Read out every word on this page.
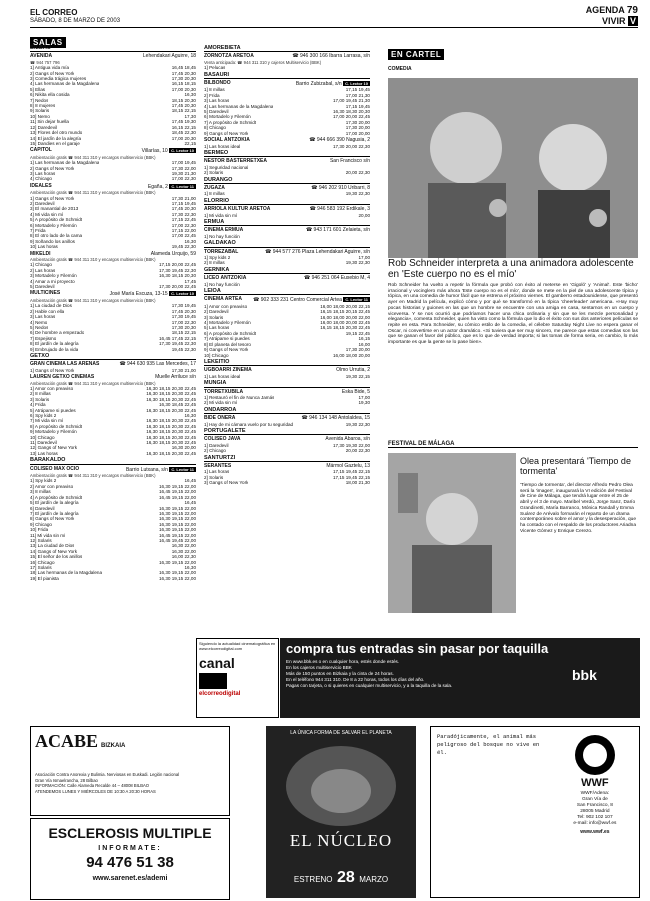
EL CORREO
SÁBADO, 8 DE MARZO DE 2003
AGENDA 79
VIVIR V
SALAS
BILBAO
AVENIDA	Lehendakari Aguirre, 18
☎ 944 757 796
1] Antigua vida mía	16,45 18,45
2] Gangs of New York	17,45 20,30
3] Comedia trágica mujeres	17,30 20,30
4] Las hermanas de la Magdalena	16,15 18,15
5] Ellas	17,00 20,30
6] Nikita ella cosida	16,30
7] Nedos	18,15 20,30
8] 8 mujeres	17,45 20,30
9] Solaris	18,15 22,15
10] Nemo	17,30
11] Sin dejar huella	17,45 19,30
12] Daredevil	16,15 22,15
13] Flores del otro mundo	18,45 22,30
14] El jardín de la alegría	17,00 20,30
15] Dandies en el garaje	22,15
CAPITOL	Villarías, 10 C. Lector 10
Ambientación gratis ☎ 944 311 310 y encargos multiservicio (BBK)
1] Las hermanas de la Magdalena	17,00 19,45
2] Gangs of New York	17,30 22,00
3] Las horas	19,30 21,30
4] Chicago	17,00 22,30
IDEALES	Egaña, 2 C. Lector 11
Ambientación gratis ☎ 944 311 310 y encargos multiservicio (BBK)
1] Gangs of New York	17,30 21,00
2] Daredevil	17,15 19,45
3] El manantial de 2013	17,45 20,30
4] Mi vida sin mí	17,30 22,30
5] A propósito de Schmidt	17,15 22,45
6] Mortadelo y Filemón	17,00 22,30
7] Frida	17,15 22,00
8] El otro lado de la cama	17,00 22,45
9] Soñando los anillos	16,30
10] Las horas	19,45 22,30
MIKELDI	Alameda Urquijo, 59
Ambientación gratis ☎ 944 311 310 y encargos multiservicio (BBK)
1] Chicago	17,15 20,00 22,45
2] Las horas	17,30 19,45 22,30
3] Mortadelo y Filemón	16,30 18,15 20,30
4] Amar a mi proyecto	17,45
5] Daredevil	17,30 20,00 22,45
MULTICINES	José María Escuza, 13-15 C. Lector 10
Ambientación gratis ☎ 944 311 310 y encargos multiservicio (BBK)
1] La ciudad de Dios	17,30 19,45
2] Hable con ella	17,45 20,30
3] Las horas	17,30 19,45
4] Nemo	17,00 22,30
5] Nedos	17,30 20,30
6] De hombre a empezado	18,15 22,15
7] Espejismo	16,45 17,45 22,15
8] El jardín de la alegría	17,30 19,45 22,30
9] Embrujado de la vida	19,45 22,30
GETXO
GRAN CINEMA LAS ARENAS	☎ 944 630 935 Las Mercedes, 17
1] Gangs of New York	17,30 21,00
LAUREN GETXO CINEMAS	Muelle Arriluce s/n
Ambientación gratis ☎ 944 311 310 y encargos multiservicio (BBK)
1] Amor con preaviso	16,30 18,15 20,30 22,45
2] 8 millas	16,30 18,15 20,30 22,45
3] Solaris	16,30 18,15 20,30 22,45
4] Frida	16,30 18,45 22,45
5] Atrápame si puedes	16,30 18,15 20,30 22,45
6] Spy kids 2	16,30
7] Mi vida sin mí	16,30 18,15 20,30 22,45
8] A propósito de Schmidt	16,30 18,15 20,30 22,45
9] Mortadelo y Filemón	16,30 18,15 20,30 22,45
10] Chicago	16,30 18,15 20,30 22,45
11] Daredevil	16,30 18,15 20,30 22,45
12] Gangs of New York	16,30 20,00
13] Las horas	16,30 18,15 20,30 22,45
BARAKALDO
COLISEO MAX OCIO	Barrio Lutxana, s/n C. Lector 11
Ambientación gratis ☎ 944 311 310 y encargos multiservicio (BBK)
1] Spy kids 2	16,45
2] Amor con preaviso	16,30 19,15 22,00
3] 8 millas	16,45 19,15 22,00
4] A propósito de Schmidt	16,45 19,15 22,00
5] El jardín de la alegría	16,45
6] Daredevil	16,30 19,15 22,00
7] El jardín de la alegría	16,30 19,15 22,00
8] Gangs of New York	16,30 19,15 22,00
9] Chicago	16,30 19,15 22,00
10] Frida	16,30 19,15 22,00
11] Mi vida sin mí	16,45 19,15 22,00
12] Solaris	16,45 19,45 22,00
13] La ciudad de Dios	16,30 22,00
14] Gangs of New York	16,30 22,00
15] El señor de los anillos	16,00 22,30
16] Chicago	16,30 19,15 22,00
17] Solaris	16,30
18] Las hermanas de la Magdalena	16,30 19,15 22,00
19] El pianista	16,30 19,15 22,00
AMOREBIETA
ZORNOTZA ARETOA	☎ 946 300 166 Ibarra Larrasa, s/n
Venta anticipada: ☎ 944 311 310 y cajeros Multiservicio (BBK)
1] Pelucas
BASAURI
BILBONDO	Barrio Zubizabal, s/n C. Lector 10
1] 8 millas	17,15 19,45
2] Frida	17,00 21,30
3] Las horas	17,00 19,45 21,30
4] Las hermanas de la Magdalena	17,15 19,45
5] Daredevil	16,30 18,30 20,30
6] Mortadelo y Filemón	17,00 20,00 22,45
7] A propósito de Schmidt	17,30 20,00
8] Chicago	17,30 20,00
9] Gangs of New York	17,00 20,00
SOCIAL ANTZOKIA	☎ 944 666 390 Nagusia, 2
1] Las horas ideal	17,30 20,00 22,30
BERMEO
NESTOR BASTERRETXEA	San Francisco s/n
1] Seguridad nacional
2] Solaris	20,00 22,30
DURANGO
ZUGAZA	☎ 946 202 910 Uribarri, 8
1] 8 millas	19,30 22,30
ELORRIO
ARRIOLA KULTUR ARETOA	☎ 946 583 192 Erdikale, 3
1] Mi vida sin mí	20,00
ERMUA
CINEMA ERMUA	☎ 943 171 601 Zelaieta, s/n
1] No hay función
GALDAKAO
TORREZABAL	☎ 944 577 276 Plaza Lehendakari Aguirre, s/n
1] Spy kids 2	17,00
2] 8 millas	19,30 22,30
GERNIKA
LICEO ANTZOKIA	☎ 946 251 064 Eusebio M, 4
1] No hay función
LEIOA
CINEMA ARTEA ☎ 902 333 231 Centro Comercial Artea C. Lector 11
1] Amor con preaviso	16,00 18,00 20,00 22,15
2] Daredevil	16,15 18,15 20,15 22,45
3] Solaris	16,00 18,00 20,00 22,00
4] Mortadelo y Filemón	16,00 18,00 20,00 22,45
5] Las horas	16,15 18,15 20,30 22,45
6] A propósito de Schmidt	19,15 22,45
7] Atrápame si puedes	16,15
8] El planeta del tesoro	16,00
9] Gangs of New York	17,30 20,00
10] Chicago	16,00 18,00 20,00
LEKEITIO
UGBOARRI ZINEMA	Olmo Urrutia, 2
1] Las horas ideal	19,30 22,15
MUNGIA
TORRETXUBILA	Eska Bide, 5
1] Restauró el fin de Nunca Jamás	17,00
2] Mi vida sin mí	19,30
ONDARROA
BIDE ONERA	☎ 946 134 148 Antolaldea, 15
1] Hay de mi cámara vuelo por tu seguridad	19,30 22,30
PORTUGALETE
COLISEO JAVA	Avenida Abaroa, s/n
1] Daredevil	17,30 19,30 22,00
2] Chicago	20,00 22,30
SANTURTZI
SERANTES	Mármol Gaztelu, 13
1] Las horas	17,15 19,45 22,15
2] Solaris	17,15 19,45 22,15
3] Gangs of New York	18,00 21,30
EN CARTEL
COMEDIA
Rob Schneider interpreta a una animadora adolescente en 'Este cuerpo no es el mío'
Rob Schneider ha vuelto a repetir la fórmula que probó con éxito al meterse en 'Gigoló' y 'Animal'. Este 'bicho' irracional y vocinglero más ahora 'Este cuerpo no es el mío', donde se mete en la piel de una adolescente típica y tópica, en una comedia de humor fácil que se estrena el próximo viernes. El gamberro estadounidense, que presentó ayer en Madrid la película, explicó cómo y por qué se transformó en la típica 'cheerleader' americana. «Hay muy pocas historias y guiones en las que un hombre se encuentre con una amiga en casa, sentarnos en un cuerpo y viceversa. Y se nos ocurrió que podríamos hacer una chica ordinaria y sin que se les mezcle personalidad y elegancia», comenta Schneider, quien ha visto como la fórmula que lo dio el éxito con sus dos anteriores películas se repite en esta. Para Schneider, su cómico estilo de la comedia, el célebre Saturday Night Live no espera ganar el Oscar, ni convertirse en un actor dramático. «Si tuviera que ser muy sincero, me parece que estas comedias son las que se ganan el favor del público, que es lo que de verdad importa; si las tomas de forma seria, en cambio, lo más importante es que la gente se lo pase bien».
FESTIVAL DE MÁLAGA
Olea presentará 'Tiempo de tormenta'
'Tiempo de tormenta', del director Alfredo Pedro Olea será la 'imagen', inaugurará la VI edición del Festival de Cine de Málaga, que tendrá lugar entre el 25 de abril y el 3 de mayo. Maribel Verdú, Jorge Sanz, Darío Grandinetti, María Barranco, Mónica Randall y Emma Suárez de Arévalo formarán el reparto de un drama contemporáneo sobre el amor y la desesperación, que ha contado con el respaldo de los productores Ariadna Vicente Gómez y Enrique Cerezo.
Siguiendo la actualidad cinematográfica en www.elcorreodigital.com
canal
elcorreodigital
compra tus entradas sin pasar por taquilla
En www.bbk.es o en cualquier hora, estés donde estés.
En los cajeros multiservicio BBK
Más de 150 puntos en Bizkaia y la cinta de 24 horas.
En el teléfono 944 311 310. De 8 a 22 horas, todos los días del año.
Pagas con tarjeta, o si quieres en cualquier multiservicio, y a la taquilla de la sala.
bbk
ACABE BIZKAIA
Asociación Contra Anorexia y Bulimia. Nerviosas en Euskadi. Legión nacional
Gran Vía Ismaelrancha, 28 Bilbao
INFORMACIÓN: Calle Alameda Recalde 44 – 48008 BILBAO
ATENDEMOS LUNES Y MIÉRCOLES DE 10:30 A 20:30 HORAS
ESCLEROSIS MULTIPLE
INFORMATE:
94 476 51 38
www.sarenet.es/ademi
LA ÚNICA FORMA DE SALVAR EL PLANETA
EL NÚCLEO
ESTRENO 28 MARZO
Paradójicamente, el animal más peligroso del bosque no vive en él.
WWF
WWF/Adena:
Gran Vía de
San Francisco, 8
28005 Madrid
Tel: 902 102 107
e-mail: info@wwf.es
www.wwf.es
